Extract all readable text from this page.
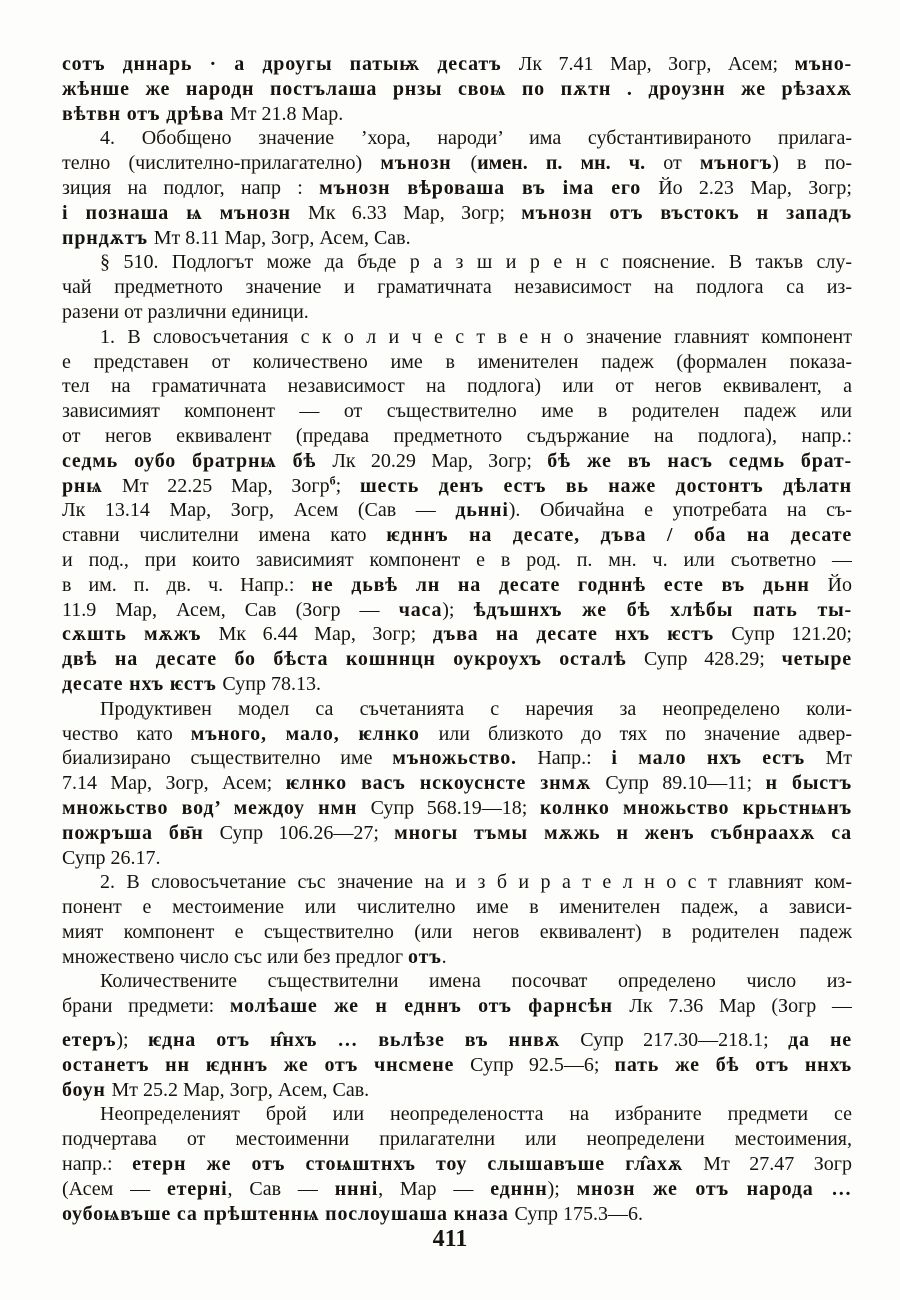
сотъ дннарь · а дроугы патыѭ десатъ Лк 7.41 Мар, Зогр, Асем; мъно-
жѣнше же народн постълаша рнзы своѩ по пѫтн . дроузнн же рѣзахѫ
вѣтвн отъ дрѣва Мт 21.8 Мар.
4. Обобщено значение ’хора, народи’ има субстантивираното прилага-
телно (числително-прилагателно) мънозн (имен. п. мн. ч. от мъногъ) в по-
зиция на подлог, напр : мънозн вѣроваша въ іма его Йо 2.23 Мар, Зогр;
і познаша ѩ мънозн Мк 6.33 Мар, Зогр; мънозн отъ въстокъ н западъ
прндѫтъ Мт 8.11 Мар, Зогр, Асем, Сав.
§ 510. Подлогът може да бъде р а з ш и р е н с пояснение. В такъв слу-
чай предметното значение и граматичната независимост на подлога са из-
разени от различни единици.
1. В словосъчетания с к о л и ч е с т в е н о значение главният компонент
е представен от количествено име в именителен падеж (формален показа-
тел на граматичната независимост на подлога) или от негов еквивалент, а
зависимият компонент — от съществително име в родителен падеж или
от негов еквивалент (предава предметното съдържание на подлога), напр.:
седмь оубо братрнѩ бѣ Лк 20.29 Мар, Зогр; бѣ же въ насъ седмь брат-
рнѩ Мт 22.25 Мар, Зогр$^б$; шесть денъ естъ вь наже достонтъ дѣлатн
Лк 13.14 Мар, Зогр, Асем (Сав — дьнні). Обичайна е употребата на съ-
ставни числителни имена като ѥдннъ на десате, дъва / оба на десате
и под., при които зависимият компонент е в род. п. мн. ч. или съответно —
в им. п. дв. ч. Напр.: не дьвѣ лн на десате годннѣ есте въ дьнн Йо
11.9 Мар, Асем, Сав (Зогр — часа); ѣдъшнхъ же бѣ хлѣбы пать ты-
сѫшть мѫжъ Мк 6.44 Мар, Зогр; дъва на десате нхъ ѥстъ Супр 121.20;
двѣ на десате бо бѣста кошннцн оукроухъ осталѣ Супр 428.29; четыре
десате нхъ ѥстъ Супр 78.13.
Продуктивен модел са съчетанията с наречия за неопределено коли-
чество като мъного, мало, ѥлнко или близкото до тях по значение адвер-
биализирано съществително име мъножьство. Напр.: і мало нхъ естъ Мт
7.14 Мар, Зогр, Асем; ѥлнко васъ нскоуснсте знмѫ Супр 89.10—11; н быстъ
множьство вод’ междоу нмн Супр 568.19—18; колнко множьство крьстнѩнъ
пожръша бв̄н Супр 106.26—27; многы тъмы мѫжь н женъ събнраахѫ са
Супр 26.17.
2. В словосъчетание със значение на и з б и р а т е л н о с т главният ком-
понент е местоимение или числително име в именителен падеж, а зависи-
мият компонент е съществително (или негов еквивалент) в родителен падеж
множествено число със или без предлог отъ.
Количествените съществителни имена посочват определено число из-
брани предмети: молѣаше же н едннъ отъ фарнсѣн Лк 7.36 Мар (Зогр —
етеръ); ѥдна отъ н̂нхъ … вьлѣзе въ ннвѫ Супр 217.30—218.1; да не
останетъ нн ѥдннъ же отъ чнсмене Супр 92.5—6; пать же бѣ отъ ннхъ
боун Мт 25.2 Мар, Зогр, Асем, Сав.
Неопределеният брой или неопределеността на избраните предмети се
подчертава от местоименни прилагателни или неопределени местоимения,
напр.: етерн же отъ стоѩштнхъ тоу слышавъше гл̂ахѫ Мт 27.47 Зогр
(Асем — етерні, Сав — ннні, Мар — едннн); мнозн же отъ народа …
оубоѩвъше са прѣштеннѩ послоушаша кназа Супр 175.3—6.
411
